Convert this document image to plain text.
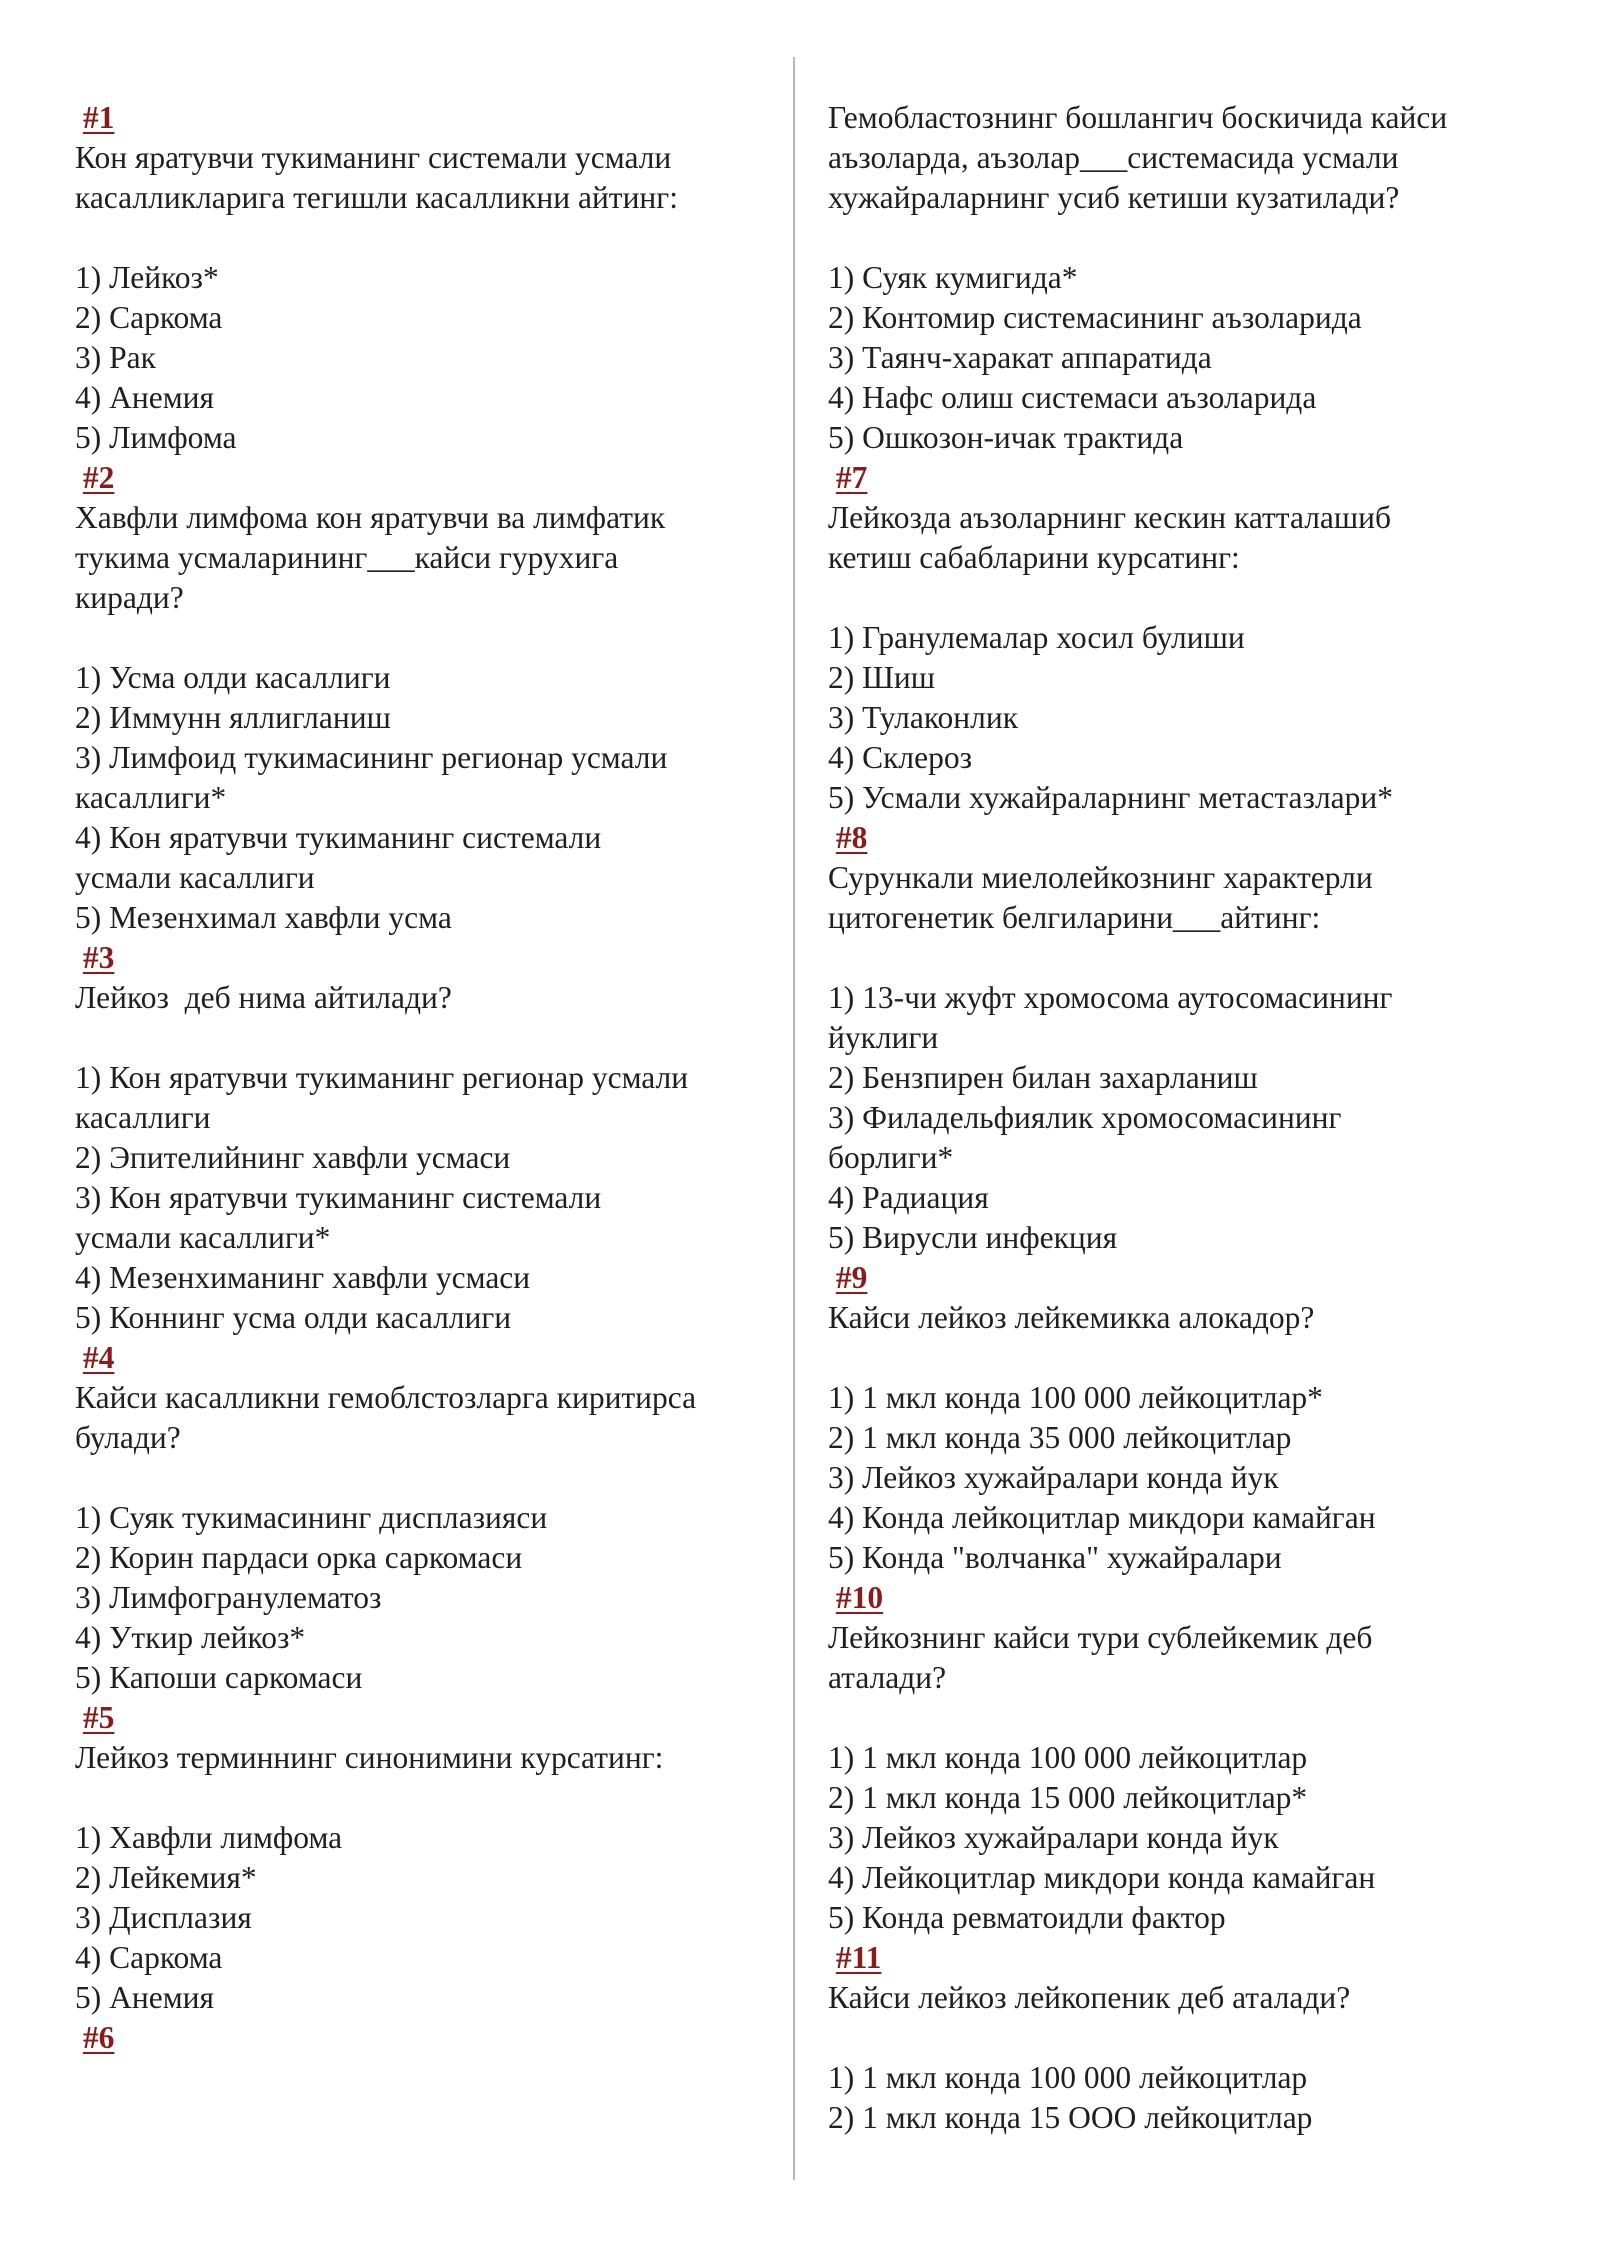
#1
Кон яратувчи тукиманинг системали усмали
касалликларига тегишли касалликни айтинг:
1) Лейкоз*
2) Саркома
3) Рак
4) Анемия
5) Лимфома
#2
Хавфли лимфома кон яратувчи ва лимфатик
тукима усмаларининг___кайси гурухига
киради?
1) Усма олди касаллиги
2) Иммунн яллигланиш
3) Лимфоид тукимасининг регионар усмали
касаллиги*
4) Кон яратувчи тукиманинг системали
усмали касаллиги
5) Мезенхимал хавфли усма
#3
Лейкоз  деб нима айтилади?
1) Кон яратувчи тукиманинг регионар усмали
касаллиги
2) Эпителийнинг хавфли усмаси
3) Кон яратувчи тукиманинг системали
усмали касаллиги*
4) Мезенхиманинг хавфли усмаси
5) Коннинг усма олди касаллиги
#4
Кайси касалликни гемоблстозларга киритирса
булади?
1) Суяк тукимасининг дисплазияси
2) Корин пардаси орка саркомаси
3) Лимфогранулематоз
4) Уткир лейкоз*
5) Капоши саркомаси
#5
Лейкоз терминнинг синонимини курсатинг:
1) Хавфли лимфома
2) Лейкемия*
3) Дисплазия
4) Саркома
5) Анемия
#6
Гемобластознинг бошлангич боскичида кайси
аъзоларда, аъзолар___системасида усмали
хужайраларнинг усиб кетиши кузатилади?
1) Суяк кумигида*
2) Контомир системасининг аъзоларида
3) Таянч-харакат аппаратида
4) Нафс олиш системаси аъзоларида
5) Ошкозон-ичак трактида
#7
Лейкозда аъзоларнинг кескин катталашиб
кетиш сабабларини курсатинг:
1) Гранулемалар хосил булиши
2) Шиш
3) Тулаконлик
4) Склероз
5) Усмали хужайраларнинг метастазлари*
#8
Сурункали миелолейкознинг характерли
цитогенетик белгиларини___айтинг:
1) 13-чи жуфт хромосома аутосомасининг
йуклиги
2) Бензпирен билан захарланиш
3) Филадельфиялик хромосомасининг
борлиги*
4) Радиация
5) Вирусли инфекция
#9
Кайси лейкоз лейкемикка алокадор?
1) 1 мкл конда 100 000 лейкоцитлар*
2) 1 мкл конда 35 000 лейкоцитлар
3) Лейкоз хужайралари конда йук
4) Конда лейкоцитлар микдори камайган
5) Конда "волчанка" хужайралари
#10
Лейкознинг кайси тури сублейкемик деб
аталади?
1) 1 мкл конда 100 000 лейкоцитлар
2) 1 мкл конда 15 000 лейкоцитлар*
3) Лейкоз хужайралари конда йук
4) Лейкоцитлар микдори конда камайган
5) Конда ревматоидли фактор
#11
Кайси лейкоз лейкопеник деб аталади?
1) 1 мкл конда 100 000 лейкоцитлар
2) 1 мкл конда 15 ООО лейкоцитлар
